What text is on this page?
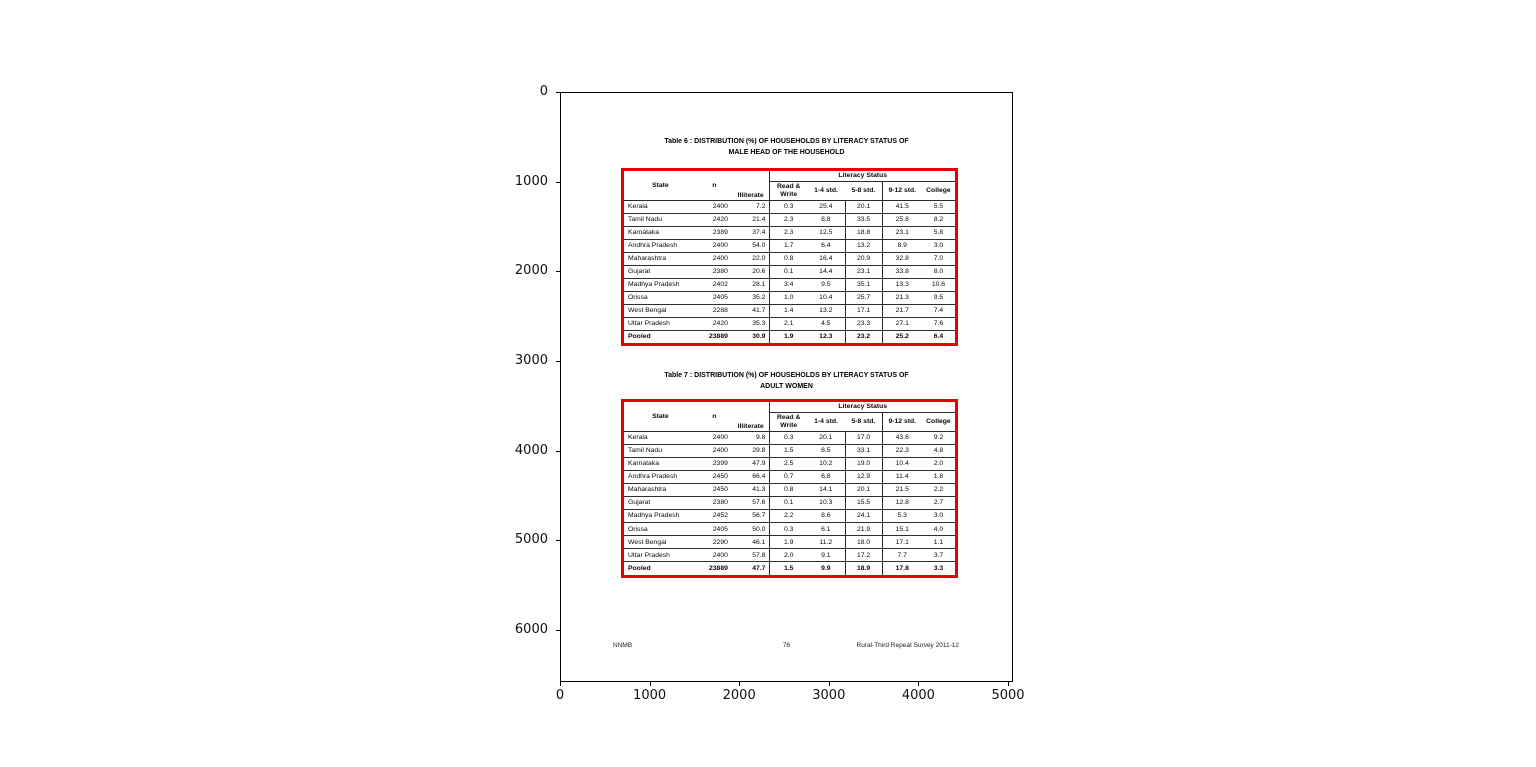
Table 6 : DISTRIBUTION (%) OF HOUSEHOLDS BY LITERACY STATUS OF
MALE HEAD OF THE HOUSEHOLD
State	n	Illiterate	Literacy Status				
			Read & Write	1-4 std.	5-8 std.	9-12 std.	College
Kerala	2400	7.2	0.3	25.4	20.1	41.5	5.5
Tamil Nadu	2420	21.4	2.3	8.8	33.5	25.8	8.2
Karnataka	2389	37.4	2.3	12.5	18.8	23.1	5.8
Andhra Pradesh	2400	54.0	1.7	6.4	13.2	8.9	3.0
Maharashtra	2400	22.0	0.8	16.4	20.9	32.8	7.0
Gujarat	2380	20.6	0.1	14.4	23.1	33.8	8.0
Madhya Pradesh	2402	28.1	3.4	9.5	35.1	13.3	10.6
Orissa	2405	35.2	1.0	10.4	25.7	21.3	9.5
West Bengal	2288	41.7	1.4	13.2	17.1	21.7	7.4
Uttar Pradesh	2420	35.3	2.1	4.5	23.3	27.1	7.6
Pooled	23889	30.9	1.9	12.3	23.2	25.2	6.4
Table 7 : DISTRIBUTION (%) OF HOUSEHOLDS BY LITERACY STATUS OF
ADULT WOMEN
State	n	Illiterate	Literacy Status				
			Read & Write	1-4 std.	5-8 std.	9-12 std.	College
Kerala	2400	9.8	0.3	20.1	17.0	43.6	9.2
Tamil Nadu	2400	29.8	1.5	8.5	33.1	22.3	4.8
Karnataka	2399	47.9	2.5	10.2	19.0	10.4	2.0
Andhra Pradesh	2450	66.4	0.7	6.8	12.9	11.4	1.8
Maharashtra	2450	41.3	0.8	14.1	20.1	21.5	2.2
Gujarat	2380	57.6	0.1	10.3	15.5	12.8	2.7
Madhya Pradesh	2452	56.7	2.2	8.6	24.1	5.3	3.0
Orissa	2405	50.0	0.3	6.1	21.9	15.1	4.0
West Bengal	2290	46.1	1.9	11.2	18.0	17.1	1.1
Uttar Pradesh	2400	57.8	2.0	9.1	17.2	7.7	3.7
Pooled	23889	47.7	1.5	9.9	18.9	17.8	3.3
NNMB	76	Rural-Third Repeat Survey 2011-12
0
1000
2000
3000
4000
5000
6000
0	1000	2000	3000	4000	5000
